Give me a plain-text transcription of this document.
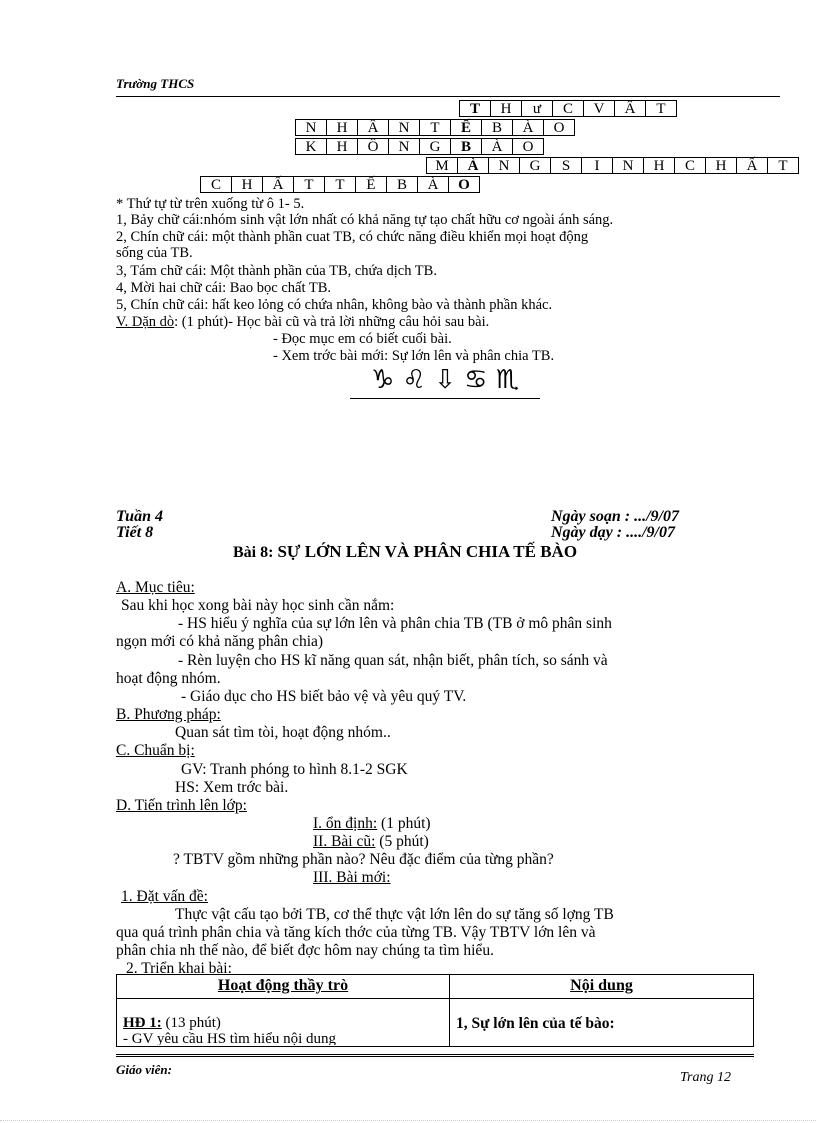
Trường THCS
T	H	ư	C	V	Â	T
N	H	Â	N	T	Ế	B	À	O
K	H	Ô	N	G	B	À	O
M	À	N	G	S	I	N	H	C	H	Ấ	T
C	H	Ấ	T	T	Ế	B	À	O
* Thứ tự từ trên xuống từ ô 1- 5.
1, Bảy chữ cái:nhóm sinh vật lớn nhất có khả năng tự tạo chất hữu cơ ngoài ánh sáng.
2, Chín chữ cái: một thành phần cuat TB, có chức năng điều khiển mọi hoạt động
sống của TB.
3, Tám chữ cái: Một thành phần của TB, chứa dịch TB.
4, Mời hai chữ cái: Bao bọc chất TB.
5, Chín chữ cái: hất keo lỏng có chứa nhân, không bào và thành phần khác.
V. Dặn dò: (1 phút)- Học bài cũ và trả lời những câu hỏi sau bài.
- Đọc mục em có biết cuối bài.
- Xem trớc bài mới: Sự lớn lên và phân chia TB.
♑ ♌ ⇩ ♋ ♏
Tuần 4
Tiết 8
Ngày soạn : .../9/07
Ngày dạy : ..../9/07
Bài 8: SỰ LỚN LÊN VÀ PHÂN CHIA TẾ BÀO
A. Mục tiêu:
Sau khi học xong bài này học sinh cần nắm:
- HS hiểu ý nghĩa của sự lớn lên và phân chia TB (TB ở mô phân sinh
ngọn mới có khả năng phân chia)
- Rèn luyện cho HS kĩ năng quan sát, nhận biết, phân tích, so sánh và
hoạt động nhóm.
- Giáo dục cho HS biết bảo vệ và yêu quý TV.
B. Phương pháp:
Quan sát tìm tòi, hoạt động nhóm..
C. Chuẩn bị:
GV: Tranh phóng to hình 8.1-2 SGK
HS: Xem trớc bài.
D. Tiến trình lên lớp:
I. ổn định: (1 phút)
II. Bài cũ: (5 phút)
? TBTV gồm những phần nào? Nêu đặc điểm của từng phần?
III. Bài mới:
1. Đặt vấn đề:
Thực vật cấu tạo bởi TB, cơ thể thực vật lớn lên do sự tăng số lợng TB
qua quá trình phân chia và tăng kích thớc của từng TB. Vậy TBTV lớn lên và
phân chia nh thế nào, để biết đợc hôm nay chúng ta tìm hiểu.
2. Triển khai bài:
Hoạt động thầy trò	Nội dung

HĐ 1: (13 phút)
- GV yêu cầu HS tìm hiểu nội dung	1, Sự lớn lên của tế bào:
Giáo viên:
Trang 12
